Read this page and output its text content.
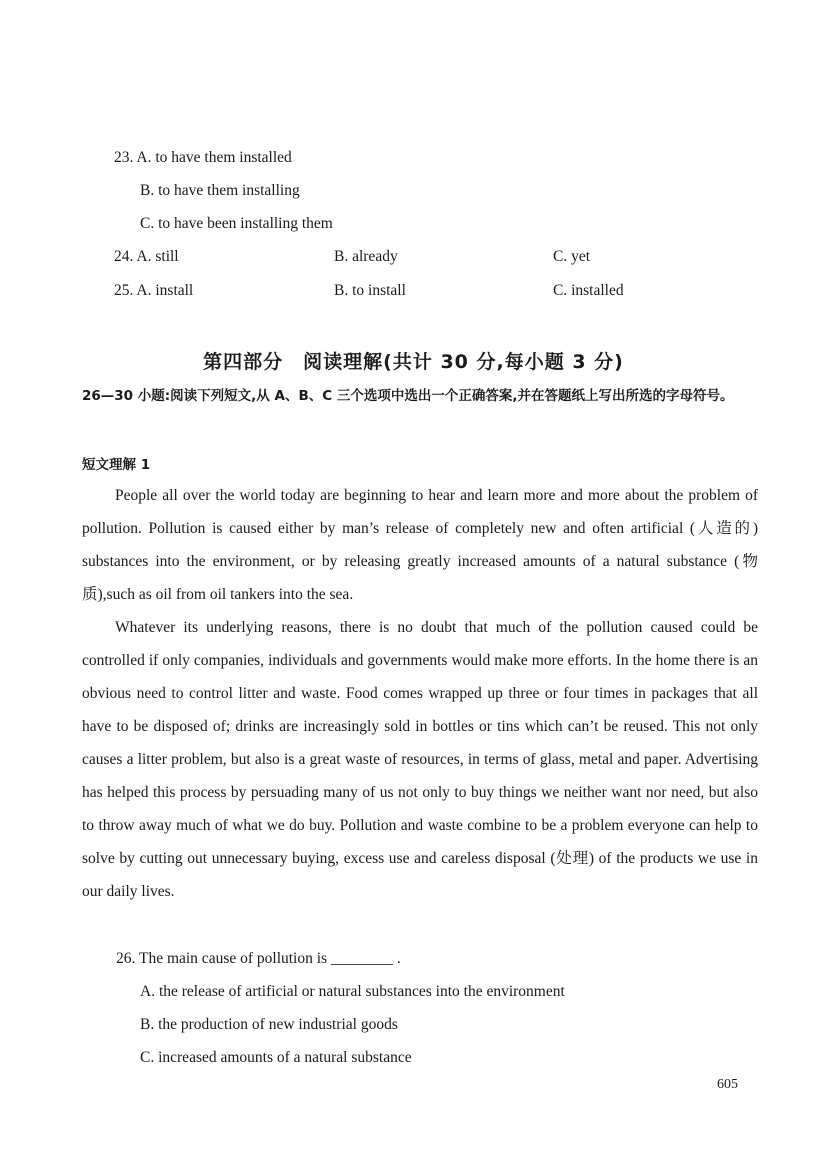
23. A. to have them installed
B. to have them installing
C. to have been installing them
24. A. still	B. already	C. yet
25. A. install	B. to install	C. installed
第四部分　阅读理解(共计 30 分,每小题 3 分)
26—30 小题:阅读下列短文,从 A、B、C 三个选项中选出一个正确答案,并在答题纸上写出所选的字母符号。
短文理解 1
People all over the world today are beginning to hear and learn more and more about the problem of pollution. Pollution is caused either by man’s release of completely new and often artificial (人造的) substances into the environment, or by releasing greatly increased amounts of a natural substance (物质),such as oil from oil tankers into the sea.
Whatever its underlying reasons, there is no doubt that much of the pollution caused could be controlled if only companies, individuals and governments would make more efforts. In the home there is an obvious need to control litter and waste. Food comes wrapped up three or four times in packages that all have to be disposed of; drinks are increasingly sold in bottles or tins which can’t be reused. This not only causes a litter problem, but also is a great waste of resources, in terms of glass, metal and paper. Advertising has helped this process by persuading many of us not only to buy things we neither want nor need, but also to throw away much of what we do buy. Pollution and waste combine to be a problem everyone can help to solve by cutting out unnecessary buying, excess use and careless disposal (处理) of the products we use in our daily lives.
26. The main cause of pollution is ________ .
A. the release of artificial or natural substances into the environment
B. the production of new industrial goods
C. increased amounts of a natural substance
605
